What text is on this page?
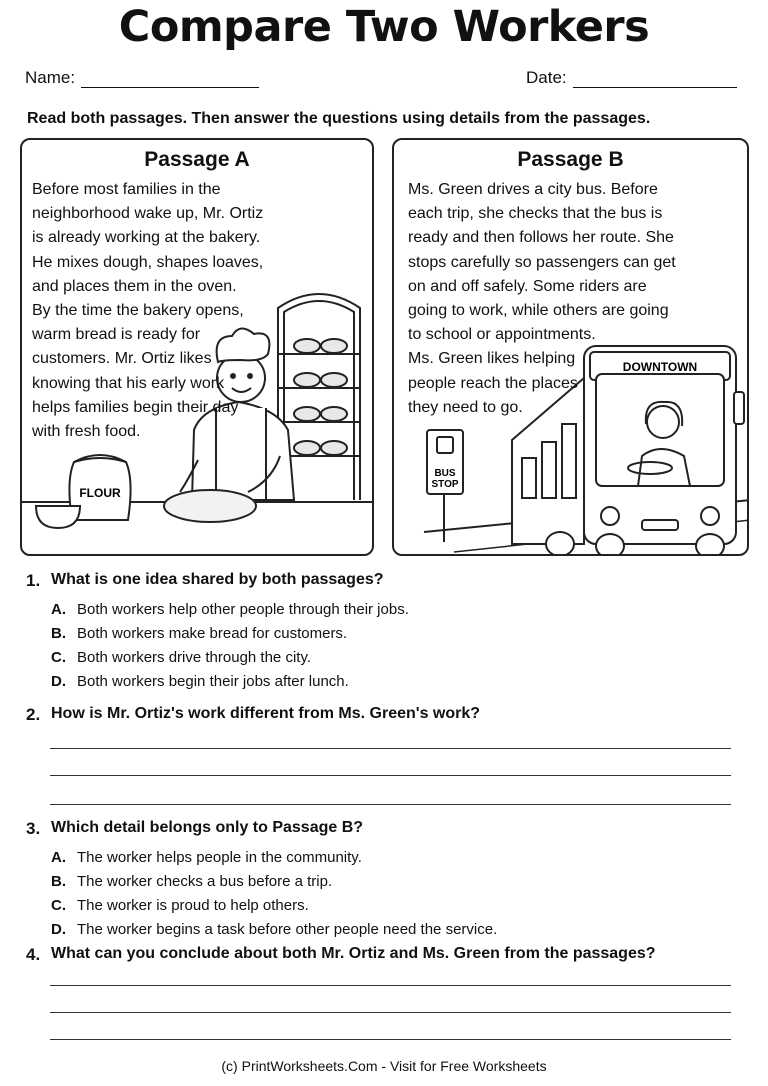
Compare Two Workers
Name:	Date:
Read both passages. Then answer the questions using details from the passages.
Passage A
Before most families in the
neighborhood wake up, Mr. Ortiz
is already working at the bakery.
He mixes dough, shapes loaves,
and places them in the oven.
By the time the bakery opens,
warm bread is ready for
customers. Mr. Ortiz likes
knowing that his early work
helps families begin their day
with fresh food.
FLOUR
Passage B
Ms. Green drives a city bus. Before
each trip, she checks that the bus is
ready and then follows her route. She
stops carefully so passengers can get
on and off safely. Some riders are
going to work, while others are going
to school or appointments.
Ms. Green likes helping
people reach the places
they need to go.
BUS
STOP
DOWNTOWN
1. What is one idea shared by both passages?
A. Both workers help other people through their jobs.
B. Both workers make bread for customers.
C. Both workers drive through the city.
D. Both workers begin their jobs after lunch.
2. How is Mr. Ortiz's work different from Ms. Green's work?
3. Which detail belongs only to Passage B?
A. The worker helps people in the community.
B. The worker checks a bus before a trip.
C. The worker is proud to help others.
D. The worker begins a task before other people need the service.
4. What can you conclude about both Mr. Ortiz and Ms. Green from the passages?
(c) PrintWorksheets.Com - Visit for Free Worksheets
